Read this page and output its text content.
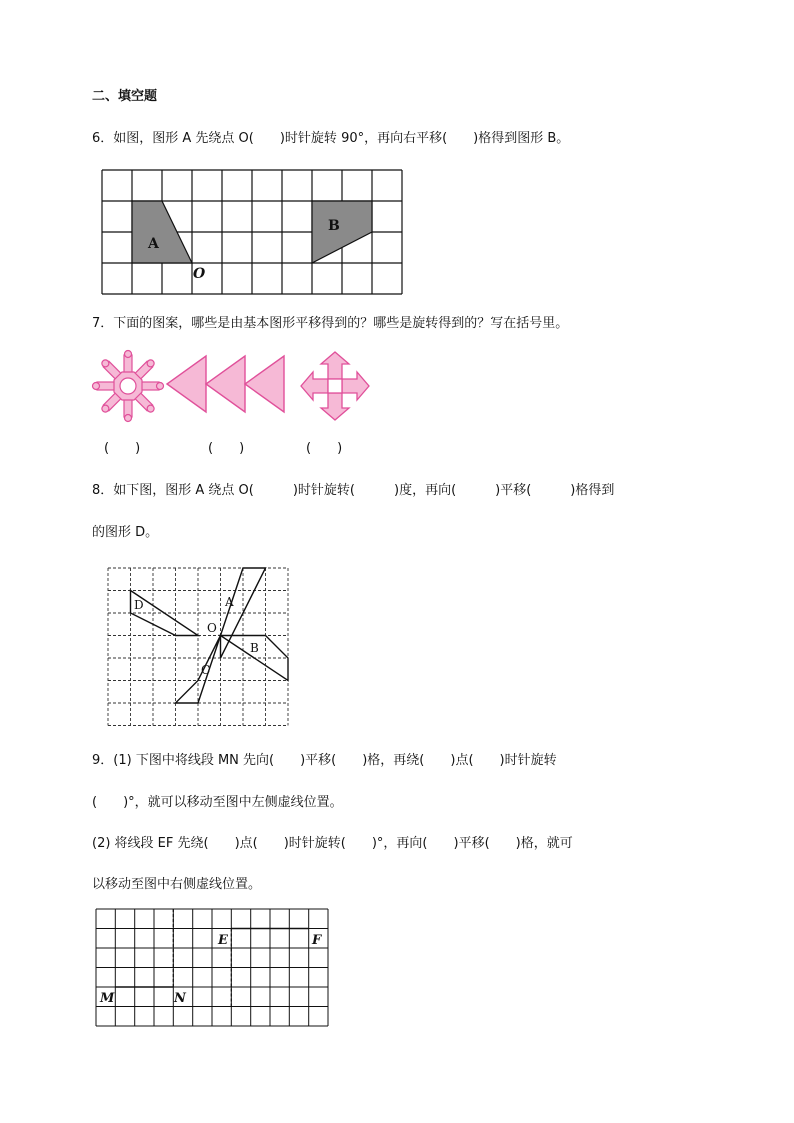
二、填空题
6．如图，图形 A 先绕点 O(　　)时针旋转 90°，再向右平移(　　)格得到图形 B。
A
B
O
7．下面的图案，哪些是由基本图形平移得到的？哪些是旋转得到的？写在括号里。
(　　)	(　　)	(　　)
8．如下图，图形 A 绕点 O(　　　)时针旋转(　　　)度，再向(　　　)平移(　　　)格得到
的图形 D。
D	A
O
B
C
9．(1) 下图中将线段 MN 先向(　　)平移(　　)格，再绕(　　)点(　　)时针旋转
(　　)°，就可以移动至图中左侧虚线位置。
(2) 将线段 EF 先绕(　　)点(　　)时针旋转(　　)°，再向(　　)平移(　　)格，就可
以移动至图中右侧虚线位置。
M	N
E	F
